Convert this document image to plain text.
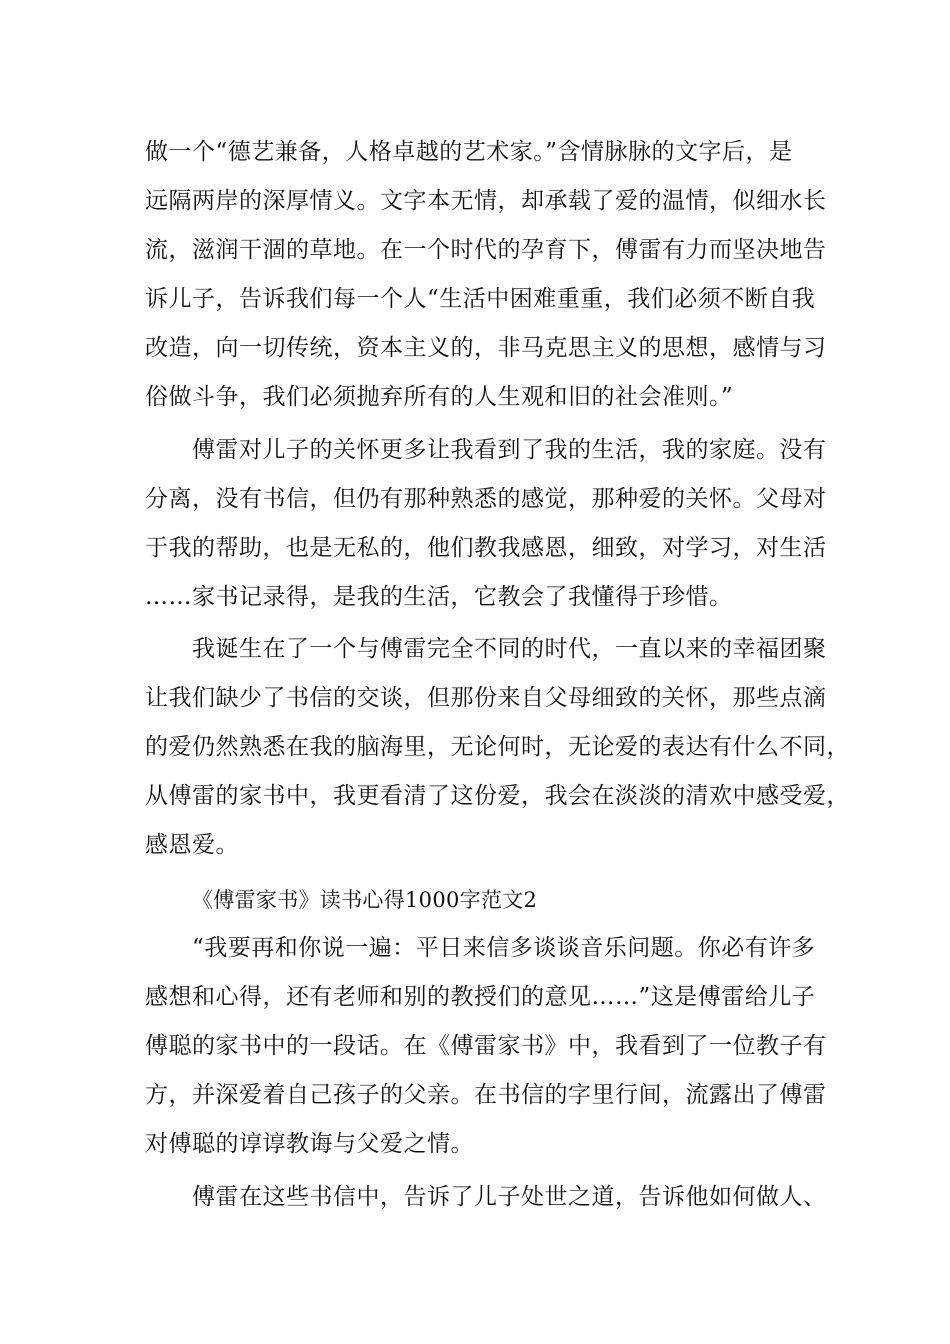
做一个“德艺兼备，人格卓越的艺术家。”含情脉脉的文字后，是
远隔两岸的深厚情义。文字本无情，却承载了爱的温情，似细水长
流，滋润干涸的草地。在一个时代的孕育下，傅雷有力而坚决地告
诉儿子，告诉我们每一个人“生活中困难重重，我们必须不断自我
改造，向一切传统，资本主义的，非马克思主义的思想，感情与习
俗做斗争，我们必须抛弃所有的人生观和旧的社会准则。”
傅雷对儿子的关怀更多让我看到了我的生活，我的家庭。没有
分离，没有书信，但仍有那种熟悉的感觉，那种爱的关怀。父母对
于我的帮助，也是无私的，他们教我感恩，细致，对学习，对生活
……家书记录得，是我的生活，它教会了我懂得于珍惜。
我诞生在了一个与傅雷完全不同的时代，一直以来的幸福团聚
让我们缺少了书信的交谈，但那份来自父母细致的关怀，那些点滴
的爱仍然熟悉在我的脑海里，无论何时，无论爱的表达有什么不同，
从傅雷的家书中，我更看清了这份爱，我会在淡淡的清欢中感受爱，
感恩爱。
《傅雷家书》读书心得1000字范文2
“我要再和你说一遍：平日来信多谈谈音乐问题。你必有许多
感想和心得，还有老师和别的教授们的意见……”这是傅雷给儿子
傅聪的家书中的一段话。在《傅雷家书》中，我看到了一位教子有
方，并深爱着自己孩子的父亲。在书信的字里行间，流露出了傅雷
对傅聪的谆谆教诲与父爱之情。
傅雷在这些书信中，告诉了儿子处世之道，告诉他如何做人、
